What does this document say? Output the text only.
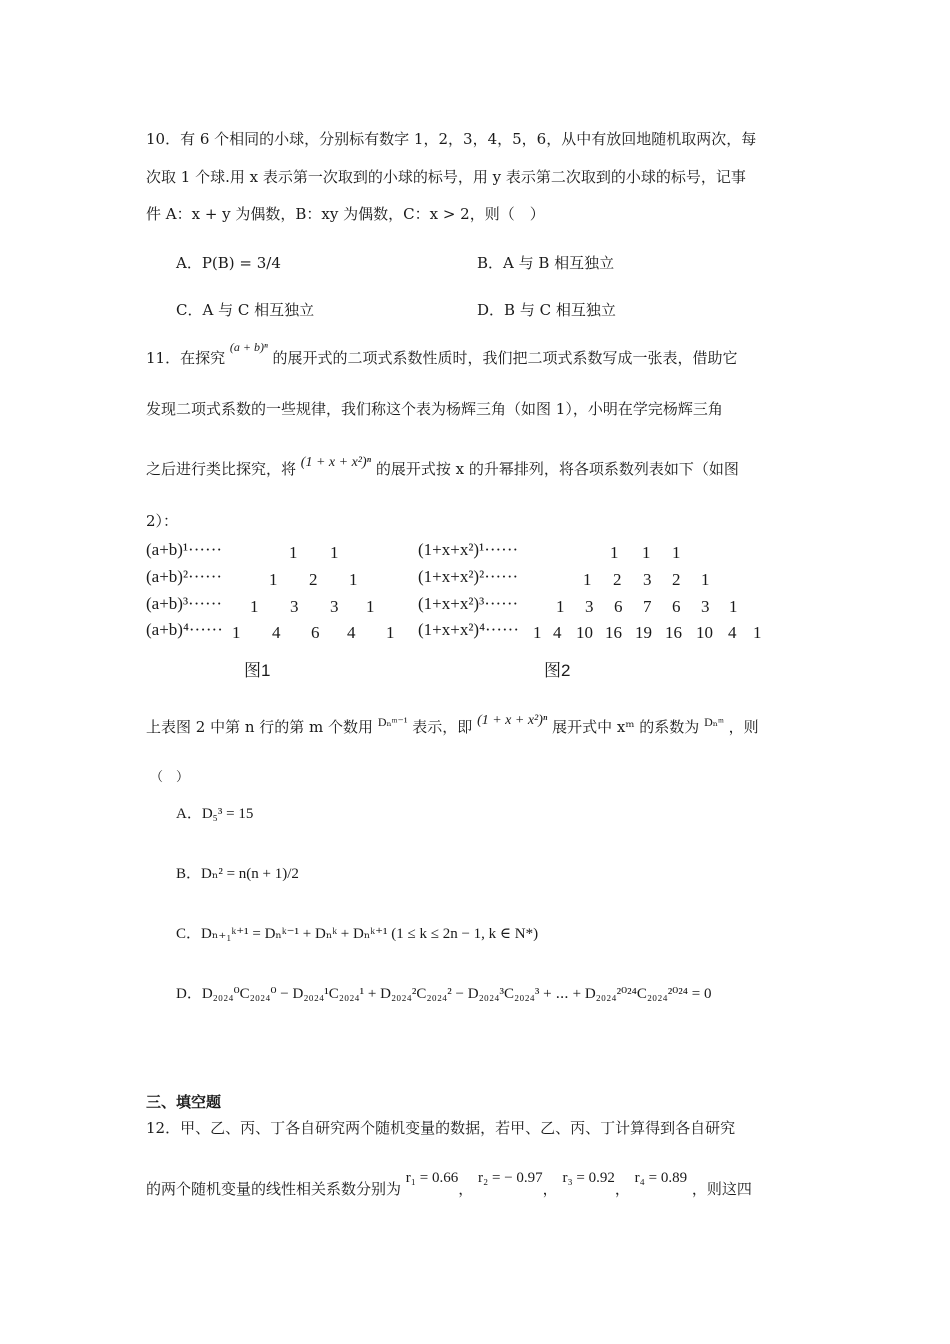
10．有 6 个相同的小球，分别标有数字 1，2，3，4，5，6，从中有放回地随机取两次，每
次取 1 个球.用 x 表示第一次取到的小球的标号，用 y 表示第二次取到的小球的标号，记事
件 A：x + y 为偶数，B：xy 为偶数，C：x > 2，则（　）
A．P(B) = 3/4	B．A 与 B 相互独立
C．A 与 C 相互独立	D．B 与 C 相互独立
11．在探究 $^{(a + b)^n}$ 的展开式的二项式系数性质时，我们把二项式系数写成一张表，借助它
发现二项式系数的一些规律，我们称这个表为杨辉三角（如图 1），小明在学完杨辉三角
之后进行类比探究，将 (1 + x + x²)ⁿ 的展开式按 x 的升幂排列，将各项系数列表如下（如图
2）：
(a+b)¹······
(a+b)²······
(a+b)³······
(a+b)⁴······
1 1
1 2 1
1 3 3 1
1 4 6 4 1
图1
(1+x+x²)¹······
(1+x+x²)²······
(1+x+x²)³······
(1+x+x²)⁴······
1 1 1
1 2 3 2 1
1 3 6 7 6 3 1
1 4 10 16 19 16 10 4 1
图2
上表图 2 中第 n 行的第 m 个数用 $^{D_nᵐ^{-1}}$ 表示，即 (1 + x + x²)ⁿ 展开式中 xᵐ 的系数为 $^{D_nᵐ}$ ，则
（　）
A．D₅³ = 15
B．Dₙ² = n(n + 1)/2
C．Dₙ₊₁ᵏ⁺¹ = Dₙᵏ⁻¹ + Dₙᵏ + Dₙᵏ⁺¹ (1 ≤ k ≤ 2n − 1, k ∈ N*)
D．D₂₀₂₄⁰C₂₀₂₄⁰ − D₂₀₂₄¹C₂₀₂₄¹ + D₂₀₂₄²C₂₀₂₄² − D₂₀₂₄³C₂₀₂₄³ + ⋯ + D₂₀₂₄²⁰²⁴C₂₀₂₄²⁰²⁴ = 0
三、填空题
12．甲、乙、丙、丁各自研究两个随机变量的数据，若甲、乙、丙、丁计算得到各自研究
的两个随机变量的线性相关系数分别为 r₁ = 0.66， r₂ = − 0.97， r₃ = 0.92， r₄ = 0.89 ，则这四
